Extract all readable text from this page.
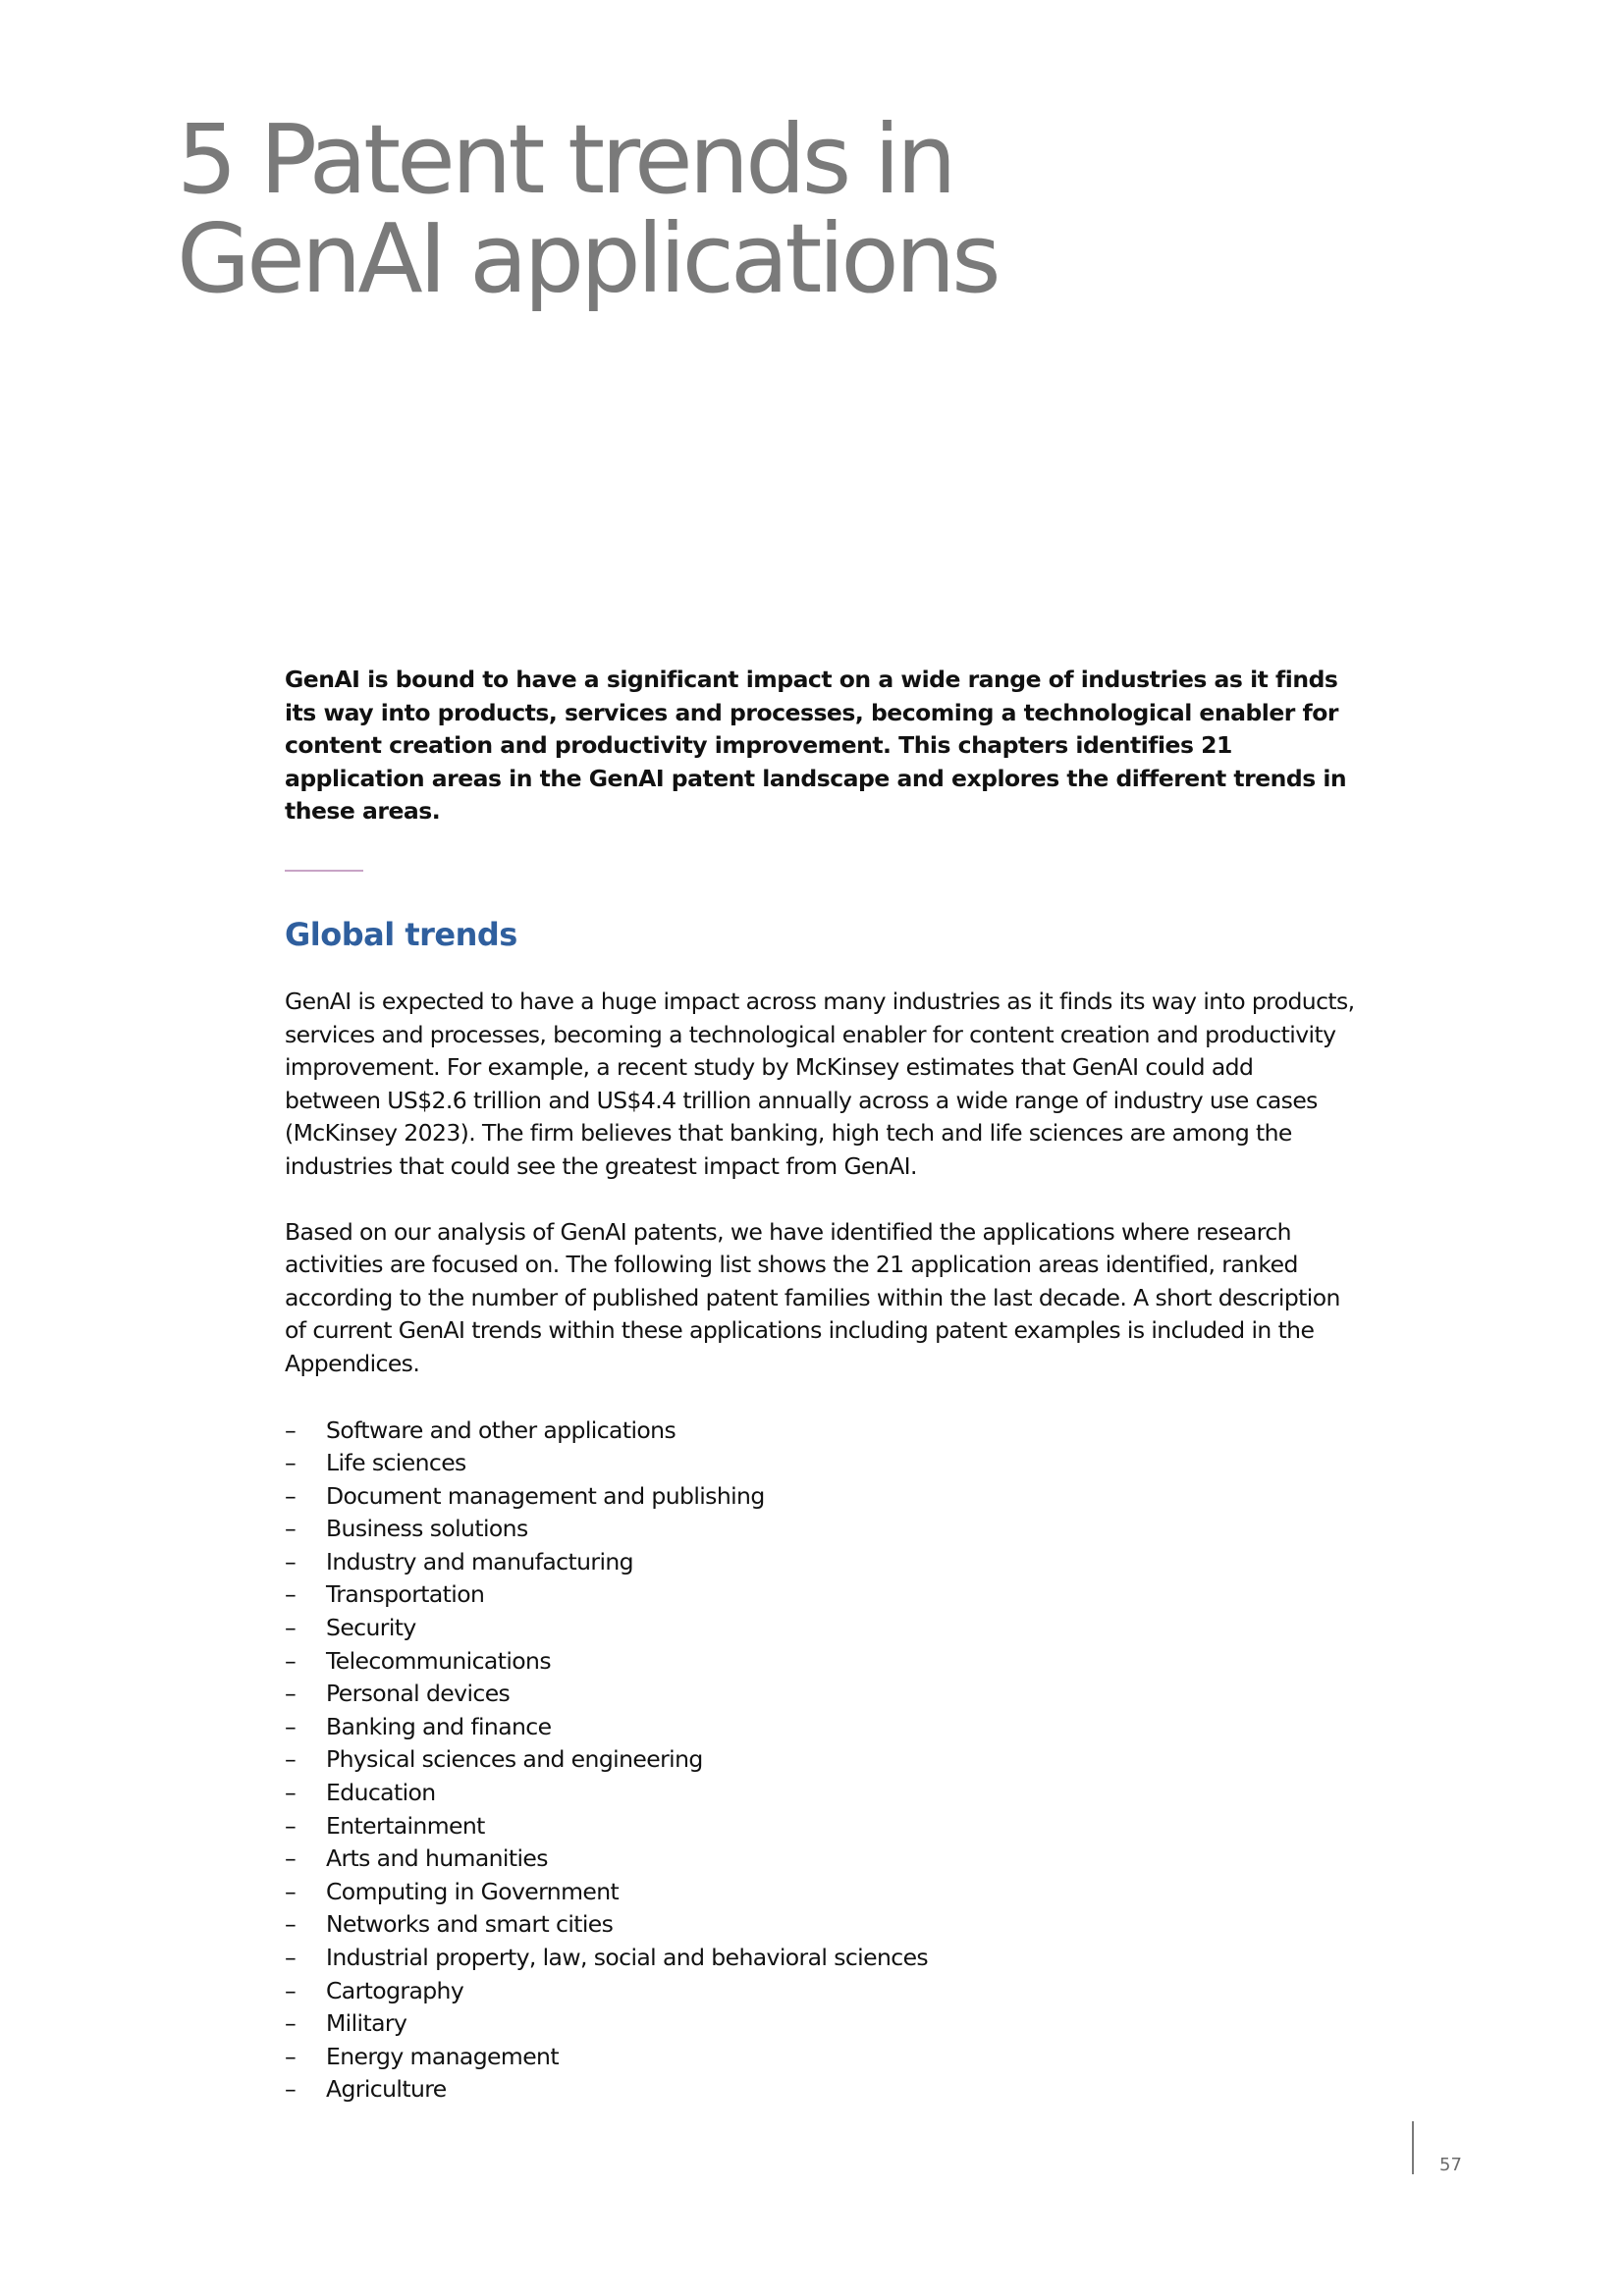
5 Patent trends in
GenAI applications

GenAI is bound to have a significant impact on a wide range of industries as it finds its way into products, services and processes, becoming a technological enabler for content creation and productivity improvement. This chapters identifies 21 application areas in the GenAI patent landscape and explores the different trends in these areas.

Global trends

GenAI is expected to have a huge impact across many industries as it finds its way into products, services and processes, becoming a technological enabler for content creation and productivity improvement. For example, a recent study by McKinsey estimates that GenAI could add between US$2.6 trillion and US$4.4 trillion annually across a wide range of industry use cases (McKinsey 2023). The firm believes that banking, high tech and life sciences are among the industries that could see the greatest impact from GenAI.

Based on our analysis of GenAI patents, we have identified the applications where research activities are focused on. The following list shows the 21 application areas identified, ranked according to the number of published patent families within the last decade. A short description of current GenAI trends within these applications including patent examples is included in the Appendices.

– Software and other applications
– Life sciences
– Document management and publishing
– Business solutions
– Industry and manufacturing
– Transportation
– Security
– Telecommunications
– Personal devices
– Banking and finance
– Physical sciences and engineering
– Education
– Entertainment
– Arts and humanities
– Computing in Government
– Networks and smart cities
– Industrial property, law, social and behavioral sciences
– Cartography
– Military
– Energy management
– Agriculture
57
